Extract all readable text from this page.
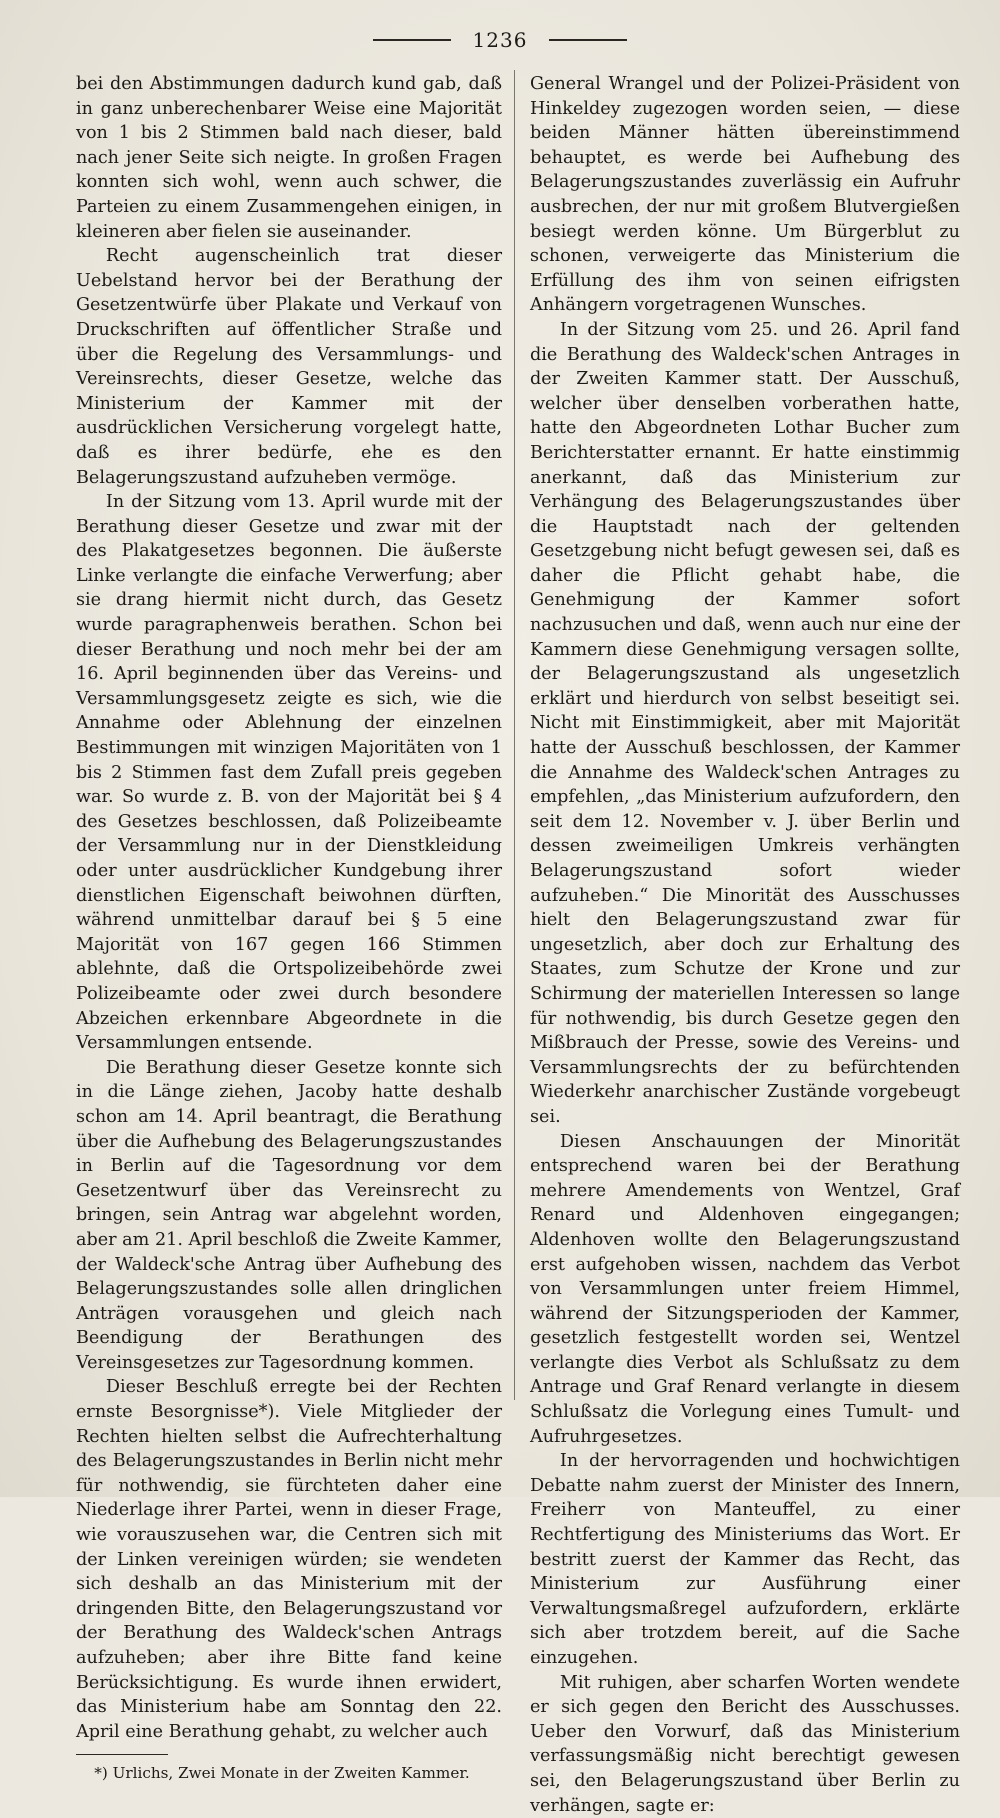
1236

bei den Abstimmungen dadurch kund gab, daß in ganz unberechenbarer Weise eine Majorität von 1 bis 2 Stimmen bald nach dieser, bald nach jener Seite sich neigte. In großen Fragen konnten sich wohl, wenn auch schwer, die Parteien zu einem Zusammengehen einigen, in kleineren aber fielen sie auseinander.

Recht augenscheinlich trat dieser Uebelstand hervor bei der Berathung der Gesetzentwürfe über Plakate und Verkauf von Druckschriften auf öffentlicher Straße und über die Regelung des Versammlungs- und Vereinsrechts, dieser Gesetze, welche das Ministerium der Kammer mit der ausdrücklichen Versicherung vorgelegt hatte, daß es ihrer bedürfe, ehe es den Belagerungszustand aufzuheben vermöge.

In der Sitzung vom 13. April wurde mit der Berathung dieser Gesetze und zwar mit der des Plakatgesetzes begonnen. Die äußerste Linke verlangte die einfache Verwerfung; aber sie drang hiermit nicht durch, das Gesetz wurde paragraphenweis berathen. Schon bei dieser Berathung und noch mehr bei der am 16. April beginnenden über das Vereins- und Versammlungsgesetz zeigte es sich, wie die Annahme oder Ablehnung der einzelnen Bestimmungen mit winzigen Majoritäten von 1 bis 2 Stimmen fast dem Zufall preis gegeben war. So wurde z. B. von der Majorität bei § 4 des Gesetzes beschlossen, daß Polizeibeamte der Versammlung nur in der Dienstkleidung oder unter ausdrücklicher Kundgebung ihrer dienstlichen Eigenschaft beiwohnen dürften, während unmittelbar darauf bei § 5 eine Majorität von 167 gegen 166 Stimmen ablehnte, daß die Ortspolizeibehörde zwei Polizeibeamte oder zwei durch besondere Abzeichen erkennbare Abgeordnete in die Versammlungen entsende.

Die Berathung dieser Gesetze konnte sich in die Länge ziehen, Jacoby hatte deshalb schon am 14. April beantragt, die Berathung über die Aufhebung des Belagerungszustandes in Berlin auf die Tagesordnung vor dem Gesetzentwurf über das Vereinsrecht zu bringen, sein Antrag war abgelehnt worden, aber am 21. April beschloß die Zweite Kammer, der Waldeck'sche Antrag über Aufhebung des Belagerungszustandes solle allen dringlichen Anträgen vorausgehen und gleich nach Beendigung der Berathungen des Vereinsgesetzes zur Tagesordnung kommen.

Dieser Beschluß erregte bei der Rechten ernste Besorgnisse*). Viele Mitglieder der Rechten hielten selbst die Aufrechterhaltung des Belagerungszustandes in Berlin nicht mehr für nothwendig, sie fürchteten daher eine Niederlage ihrer Partei, wenn in dieser Frage, wie vorauszusehen war, die Centren sich mit der Linken vereinigen würden; sie wendeten sich deshalb an das Ministerium mit der dringenden Bitte, den Belagerungszustand vor der Berathung des Waldeck'schen Antrags aufzuheben; aber ihre Bitte fand keine Berücksichtigung. Es wurde ihnen erwidert, das Ministerium habe am Sonntag den 22. April eine Berathung gehabt, zu welcher auch

*) Urlichs, Zwei Monate in der Zweiten Kammer.

General Wrangel und der Polizei-Präsident von Hinkeldey zugezogen worden seien, — diese beiden Männer hätten übereinstimmend behauptet, es werde bei Aufhebung des Belagerungszustandes zuverlässig ein Aufruhr ausbrechen, der nur mit großem Blutvergießen besiegt werden könne. Um Bürgerblut zu schonen, verweigerte das Ministerium die Erfüllung des ihm von seinen eifrigsten Anhängern vorgetragenen Wunsches.

In der Sitzung vom 25. und 26. April fand die Berathung des Waldeck'schen Antrages in der Zweiten Kammer statt. Der Ausschuß, welcher über denselben vorberathen hatte, hatte den Abgeordneten Lothar Bucher zum Berichterstatter ernannt. Er hatte einstimmig anerkannt, daß das Ministerium zur Verhängung des Belagerungszustandes über die Hauptstadt nach der geltenden Gesetzgebung nicht befugt gewesen sei, daß es daher die Pflicht gehabt habe, die Genehmigung der Kammer sofort nachzusuchen und daß, wenn auch nur eine der Kammern diese Genehmigung versagen sollte, der Belagerungszustand als ungesetzlich erklärt und hierdurch von selbst beseitigt sei. Nicht mit Einstimmigkeit, aber mit Majorität hatte der Ausschuß beschlossen, der Kammer die Annahme des Waldeck'schen Antrages zu empfehlen, „das Ministerium aufzufordern, den seit dem 12. November v. J. über Berlin und dessen zweimeiligen Umkreis verhängten Belagerungszustand sofort wieder aufzuheben.“ Die Minorität des Ausschusses hielt den Belagerungszustand zwar für ungesetzlich, aber doch zur Erhaltung des Staates, zum Schutze der Krone und zur Schirmung der materiellen Interessen so lange für nothwendig, bis durch Gesetze gegen den Mißbrauch der Presse, sowie des Vereins- und Versammlungsrechts der zu befürchtenden Wiederkehr anarchischer Zustände vorgebeugt sei.

Diesen Anschauungen der Minorität entsprechend waren bei der Berathung mehrere Amendements von Wentzel, Graf Renard und Aldenhoven eingegangen; Aldenhoven wollte den Belagerungszustand erst aufgehoben wissen, nachdem das Verbot von Versammlungen unter freiem Himmel, während der Sitzungsperioden der Kammer, gesetzlich festgestellt worden sei, Wentzel verlangte dies Verbot als Schlußsatz zu dem Antrage und Graf Renard verlangte in diesem Schlußsatz die Vorlegung eines Tumult- und Aufruhrgesetzes.

In der hervorragenden und hochwichtigen Debatte nahm zuerst der Minister des Innern, Freiherr von Manteuffel, zu einer Rechtfertigung des Ministeriums das Wort. Er bestritt zuerst der Kammer das Recht, das Ministerium zur Ausführung einer Verwaltungsmaßregel aufzufordern, erklärte sich aber trotzdem bereit, auf die Sache einzugehen.

Mit ruhigen, aber scharfen Worten wendete er sich gegen den Bericht des Ausschusses. Ueber den Vorwurf, daß das Ministerium verfassungsmäßig nicht berechtigt gewesen sei, den Belagerungszustand über Berlin zu verhängen, sagte er:
